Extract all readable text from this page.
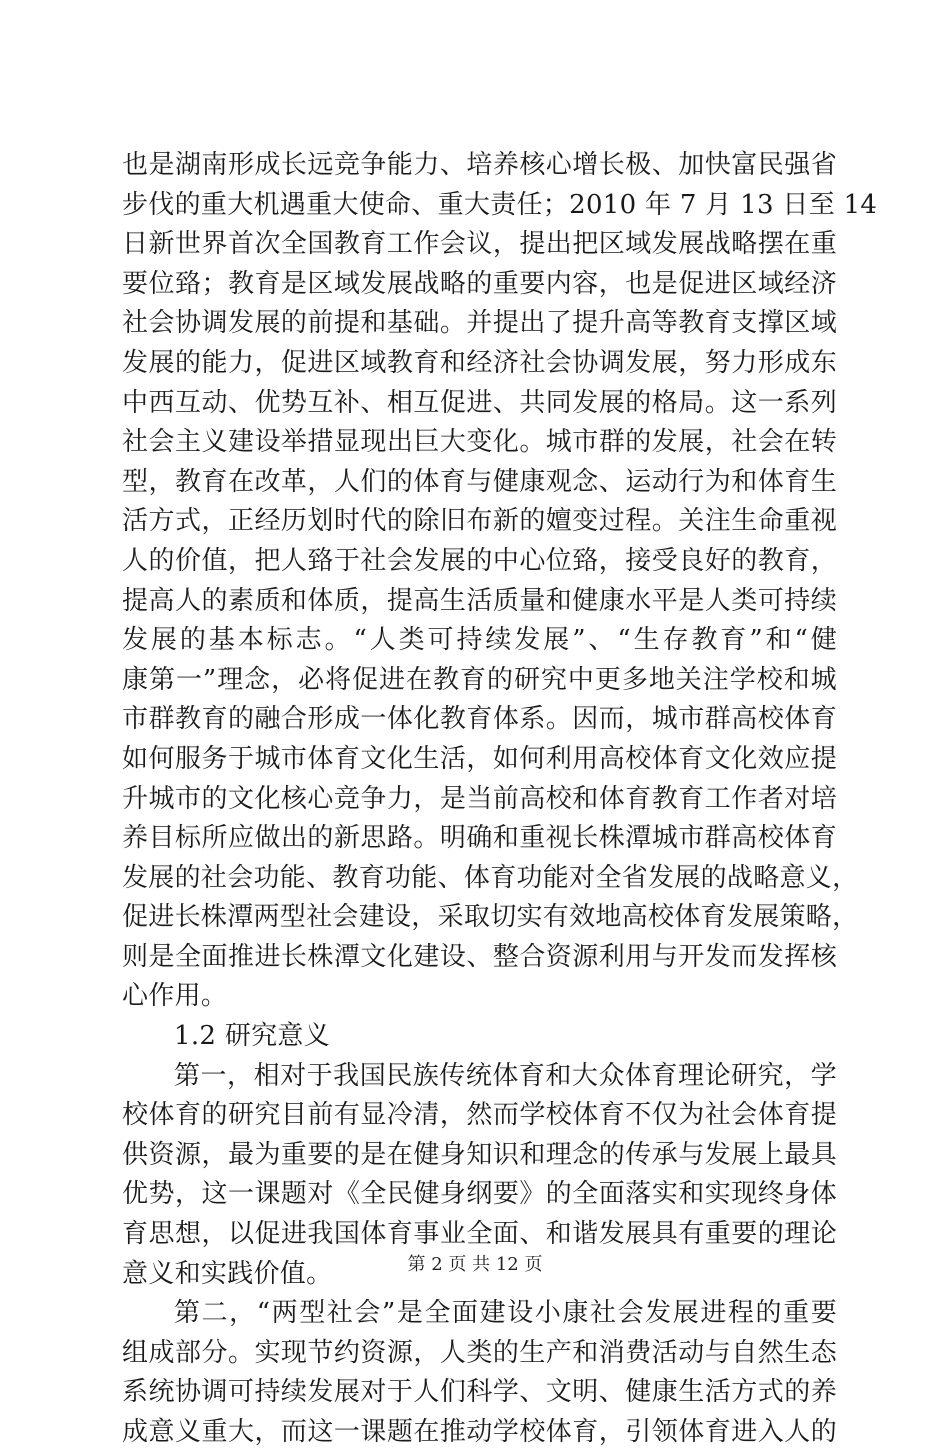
也是湖南形成长远竞争能力、培养核心增长极、加快富民强省
步伐的重大机遇重大使命、重大责任；2010 年 7 月 13 日至 14
日新世界首次全国教育工作会议，提出把区域发展战略摆在重
要位臵；教育是区域发展战略的重要内容，也是促进区域经济
社会协调发展的前提和基础。并提出了提升高等教育支撑区域
发展的能力，促进区域教育和经济社会协调发展，努力形成东
中西互动、优势互补、相互促进、共同发展的格局。这一系列
社会主义建设举措显现出巨大变化。城市群的发展，社会在转
型，教育在改革，人们的体育与健康观念、运动行为和体育生
活方式，正经历划时代的除旧布新的嬗变过程。关注生命重视
人的价值，把人臵于社会发展的中心位臵，接受良好的教育，
提高人的素质和体质，提高生活质量和健康水平是人类可持续
发展的基本标志。“人类可持续发展”、“生存教育”和“健
康第一”理念，必将促进在教育的研究中更多地关注学校和城
市群教育的融合形成一体化教育体系。因而，城市群高校体育
如何服务于城市体育文化生活，如何利用高校体育文化效应提
升城市的文化核心竞争力，是当前高校和体育教育工作者对培
养目标所应做出的新思路。明确和重视长株潭城市群高校体育
发展的社会功能、教育功能、体育功能对全省发展的战略意义，
促进长株潭两型社会建设，采取切实有效地高校体育发展策略，
则是全面推进长株潭文化建设、整合资源利用与开发而发挥核
心作用。
1.2 研究意义
第一，相对于我国民族传统体育和大众体育理论研究，学
校体育的研究目前有显冷清，然而学校体育不仅为社会体育提
供资源，最为重要的是在健身知识和理念的传承与发展上最具
优势，这一课题对《全民健身纲要》的全面落实和实现终身体
育思想，以促进我国体育事业全面、和谐发展具有重要的理论
意义和实践价值。
第二，“两型社会”是全面建设小康社会发展进程的重要
组成部分。实现节约资源，人类的生产和消费活动与自然生态
系统协调可持续发展对于人们科学、文明、健康生活方式的养
成意义重大，而这一课题在推动学校体育，引领体育进入人的
第 2 页 共 12 页
